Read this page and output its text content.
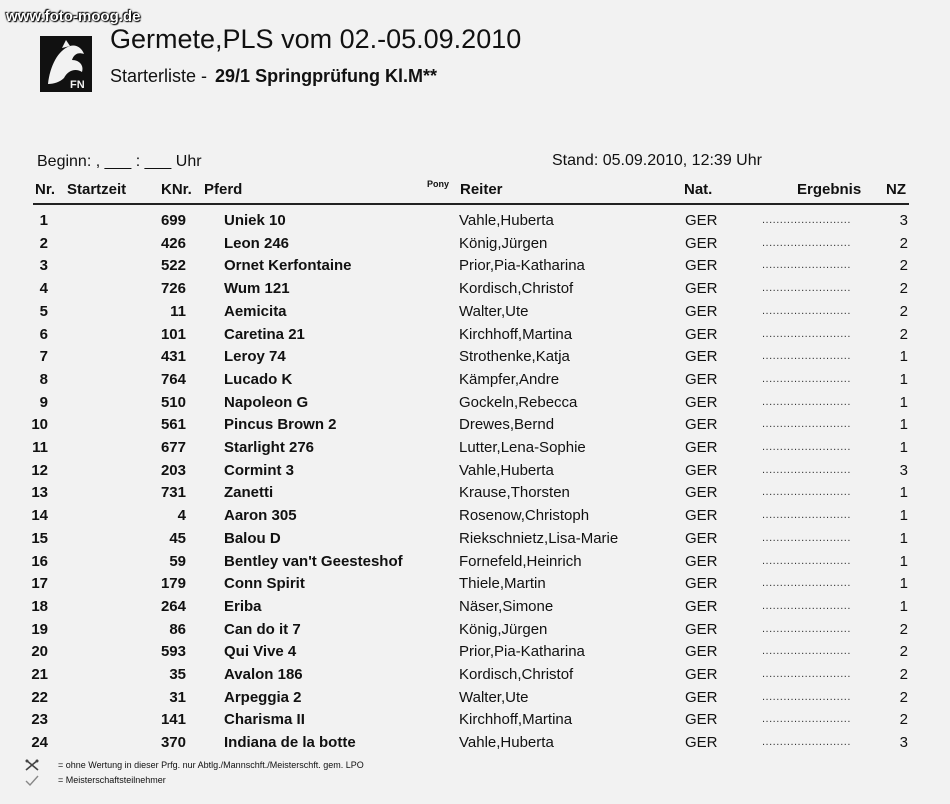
www.foto-moog.de
FN
Germete,PLS vom 02.-05.09.2010
Starterliste - 29/1 Springprüfung Kl.M**
Beginn: , ___ : ___ Uhr	Stand: 05.09.2010, 12:39 Uhr
Nr. Startzeit KNr. Pferd	Pony Reiter	Nat.	Ergebnis NZ
1	699	Uniek 10	Vahle,Huberta	GER	.........................	3
2	426	Leon 246	König,Jürgen	GER	.........................	2
3	522	Ornet Kerfontaine	Prior,Pia-Katharina	GER	.........................	2
4	726	Wum 121	Kordisch,Christof	GER	.........................	2
5	11	Aemicita	Walter,Ute	GER	.........................	2
6	101	Caretina 21	Kirchhoff,Martina	GER	.........................	2
7	431	Leroy 74	Strothenke,Katja	GER	.........................	1
8	764	Lucado K	Kämpfer,Andre	GER	.........................	1
9	510	Napoleon G	Gockeln,Rebecca	GER	.........................	1
10	561	Pincus Brown 2	Drewes,Bernd	GER	.........................	1
11	677	Starlight 276	Lutter,Lena-Sophie	GER	.........................	1
12	203	Cormint 3	Vahle,Huberta	GER	.........................	3
13	731	Zanetti	Krause,Thorsten	GER	.........................	1
14	4	Aaron 305	Rosenow,Christoph	GER	.........................	1
15	45	Balou D	Riekschnietz,Lisa-Marie	GER	.........................	1
16	59	Bentley van't Geesteshof	Fornefeld,Heinrich	GER	.........................	1
17	179	Conn Spirit	Thiele,Martin	GER	.........................	1
18	264	Eriba	Näser,Simone	GER	.........................	1
19	86	Can do it 7	König,Jürgen	GER	.........................	2
20	593	Qui Vive 4	Prior,Pia-Katharina	GER	.........................	2
21	35	Avalon 186	Kordisch,Christof	GER	.........................	2
22	31	Arpeggia 2	Walter,Ute	GER	.........................	2
23	141	Charisma II	Kirchhoff,Martina	GER	.........................	2
24	370	Indiana de la botte	Vahle,Huberta	GER	.........................	3
= ohne Wertung in dieser Prfg. nur Abtlg./Mannschft./Meisterschft. gem. LPO
= Meisterschaftsteilnehmer
